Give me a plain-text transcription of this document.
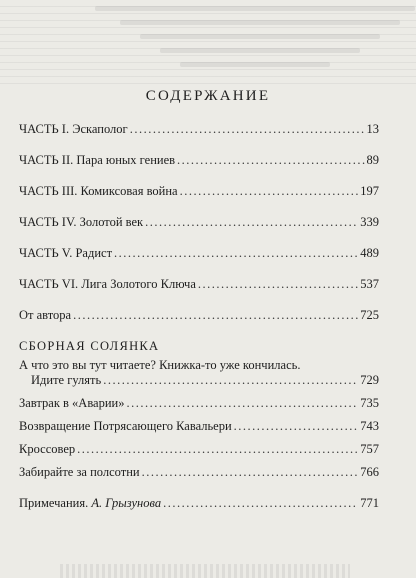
СОДЕРЖАНИЕ
ЧАСТЬ I. Эскаполог .....	13
ЧАСТЬ II. Пара юных гениев .....	89
ЧАСТЬ III. Комиксовая война .....	197
ЧАСТЬ IV. Золотой век .....	339
ЧАСТЬ V. Радист .....	489
ЧАСТЬ VI. Лига Золотого Ключа .....	537
От автора .....	725
СБОРНАЯ СОЛЯНКА
А что это вы тут читаете? Книжка-то уже кончилась.
Идите гулять .....	729
Завтрак в «Аварии» .....	735
Возвращение Потрясающего Кавальери .....	743
Кроссовер .....	757
Забирайте за полсотни .....	766
Примечания. А. Грызунова .....	771
